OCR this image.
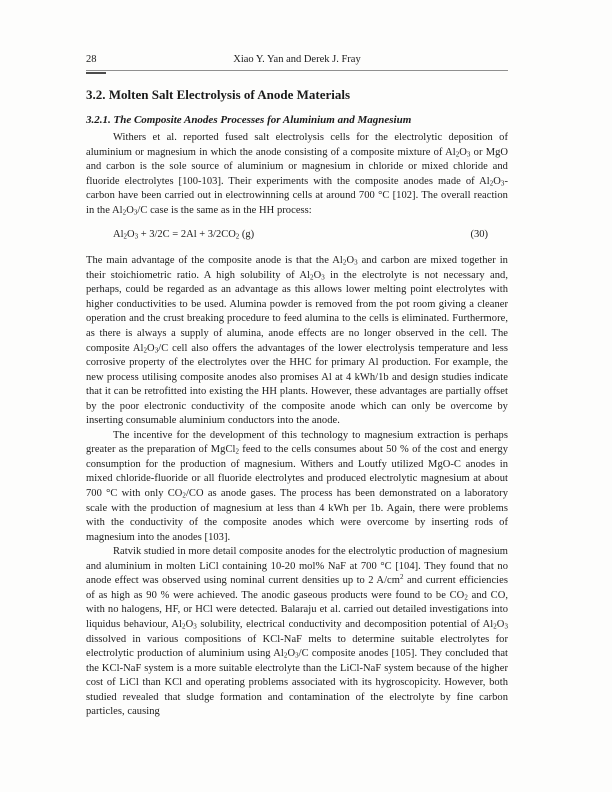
28	Xiao Y. Yan and Derek J. Fray
3.2. Molten Salt Electrolysis of Anode Materials
3.2.1. The Composite Anodes Processes for Aluminium and Magnesium

Withers et al. reported fused salt electrolysis cells for the electrolytic deposition of aluminium or magnesium in which the anode consisting of a composite mixture of $Al_2O_3$ or MgO and carbon is the sole source of aluminium or magnesium in chloride or mixed chloride and fluoride electrolytes [100-103]. Their experiments with the composite anodes made of $Al_2O_3$-carbon have been carried out in electrowinning cells at around 700 °C [102]. The overall reaction in the $Al_2O_3/C$ case is the same as in the HH process:

$Al_2O_3 + 3/2C = 2Al + 3/2CO_2$ (g)	(30)

The main advantage of the composite anode is that the $Al_2O_3$ and carbon are mixed together in their stoichiometric ratio. A high solubility of $Al_2O_3$ in the electrolyte is not necessary and, perhaps, could be regarded as an advantage as this allows lower melting point electrolytes with higher conductivities to be used. Alumina powder is removed from the pot room giving a cleaner operation and the crust breaking procedure to feed alumina to the cells is eliminated. Furthermore, as there is always a supply of alumina, anode effects are no longer observed in the cell. The composite $Al_2O_3/C$ cell also offers the advantages of the lower electrolysis temperature and less corrosive property of the electrolytes over the HHC for primary Al production. For example, the new process utilising composite anodes also promises Al at 4 kWh/1b and design studies indicate that it can be retrofitted into existing the HH plants. However, these advantages are partially offset by the poor electronic conductivity of the composite anode which can only be overcome by inserting consumable aluminium conductors into the anode.

The incentive for the development of this technology to magnesium extraction is perhaps greater as the preparation of MgCl$_2$ feed to the cells consumes about 50 % of the cost and energy consumption for the production of magnesium. Withers and Loutfy utilized MgO-C anodes in mixed chloride-fluoride or all fluoride electrolytes and produced electrolytic magnesium at about 700 °C with only $CO_2/CO$ as anode gases. The process has been demonstrated on a laboratory scale with the production of magnesium at less than 4 kWh per 1b. Again, there were problems with the conductivity of the composite anodes which were overcome by inserting rods of magnesium into the anodes [103].

Ratvik studied in more detail composite anodes for the electrolytic production of magnesium and aluminium in molten LiCl containing 10-20 mol% NaF at 700 °C [104]. They found that no anode effect was observed using nominal current densities up to 2 $A/cm^2$ and current efficiencies of as high as 90 % were achieved. The anodic gaseous products were found to be $CO_2$ and CO, with no halogens, HF, or HCl were detected. Balaraju et al. carried out detailed investigations into liquidus behaviour, $Al_2O_3$ solubility, electrical conductivity and decomposition potential of $Al_2O_3$ dissolved in various compositions of KCl-NaF melts to determine suitable electrolytes for electrolytic production of aluminium using $Al_2O_3/C$ composite anodes [105]. They concluded that the KCl-NaF system is a more suitable electrolyte than the LiCl-NaF system because of the higher cost of LiCl than KCl and operating problems associated with its hygroscopicity. However, both studied revealed that sludge formation and contamination of the electrolyte by fine carbon particles, causing
